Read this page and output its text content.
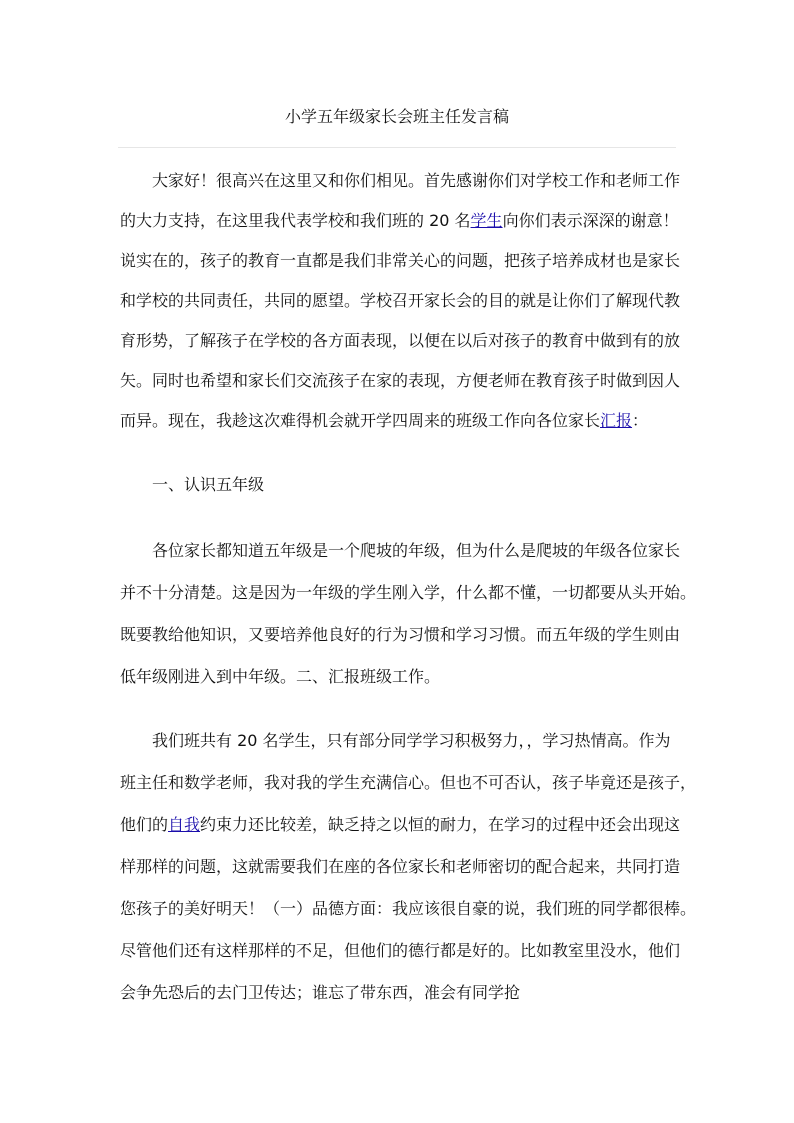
小学五年级家长会班主任发言稿
大家好！很高兴在这里又和你们相见。首先感谢你们对学校工作和老师工作
的大力支持，在这里我代表学校和我们班的 20 名学生向你们表示深深的谢意！
说实在的，孩子的教育一直都是我们非常关心的问题，把孩子培养成材也是家长
和学校的共同责任，共同的愿望。学校召开家长会的目的就是让你们了解现代教
育形势，了解孩子在学校的各方面表现，以便在以后对孩子的教育中做到有的放
矢。同时也希望和家长们交流孩子在家的表现，方便老师在教育孩子时做到因人
而异。现在，我趁这次难得机会就开学四周来的班级工作向各位家长汇报：
一、认识五年级
各位家长都知道五年级是一个爬坡的年级，但为什么是爬坡的年级各位家长
并不十分清楚。这是因为一年级的学生刚入学，什么都不懂，一切都要从头开始。
既要教给他知识，又要培养他良好的行为习惯和学习习惯。而五年级的学生则由
低年级刚进入到中年级。二、汇报班级工作。
我们班共有 20 名学生，只有部分同学学习积极努力，，学习热情高。作为
班主任和数学老师，我对我的学生充满信心。但也不可否认，孩子毕竟还是孩子，
他们的自我约束力还比较差，缺乏持之以恒的耐力，在学习的过程中还会出现这
样那样的问题，这就需要我们在座的各位家长和老师密切的配合起来，共同打造
您孩子的美好明天！（一）品德方面：我应该很自豪的说，我们班的同学都很棒。
尽管他们还有这样那样的不足，但他们的德行都是好的。比如教室里没水，他们
会争先恐后的去门卫传达；谁忘了带东西，准会有同学抢
